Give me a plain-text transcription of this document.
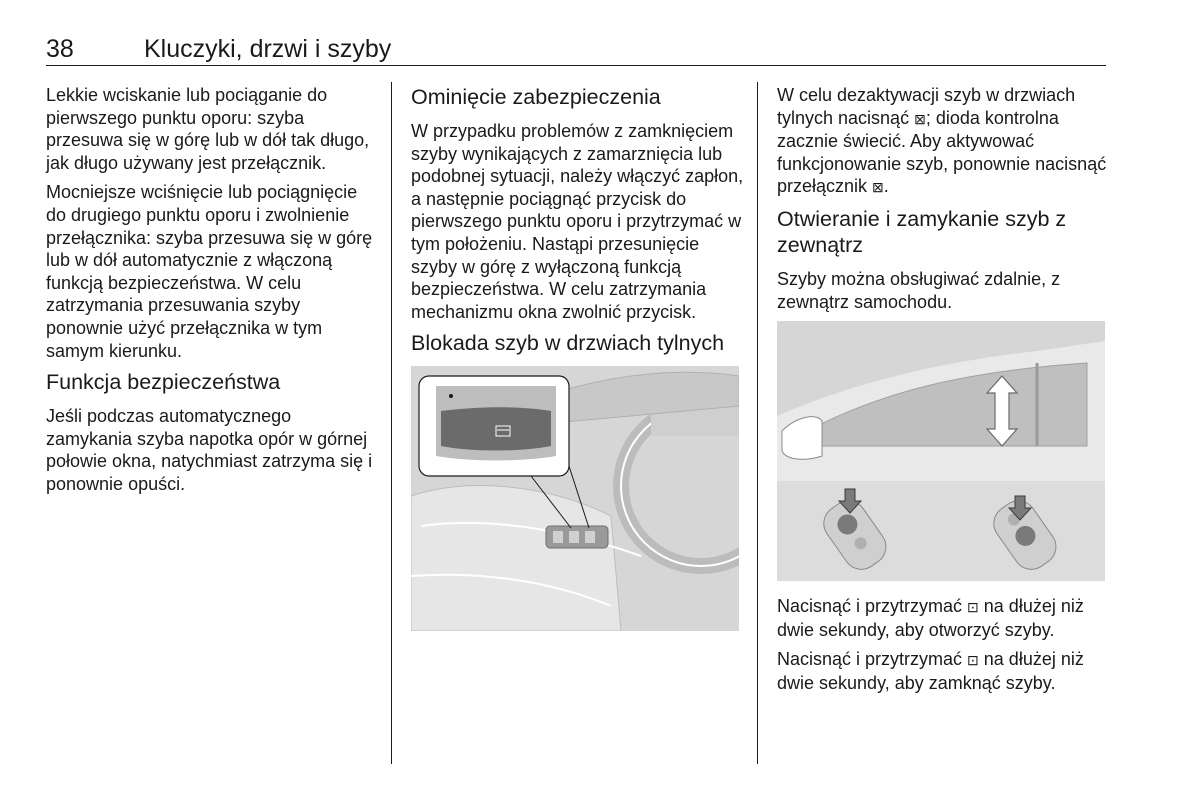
38	Kluczyki, drzwi i szyby

Lekkie wciskanie lub pociąganie do pierwszego punktu oporu: szyba przesuwa się w górę lub w dół tak długo, jak długo używany jest przełącznik.

Mocniejsze wciśnięcie lub pociągnięcie do drugiego punktu oporu i zwolnienie przełącznika: szyba przesuwa się w górę lub w dół automatycznie z włączoną funkcją bezpieczeństwa. W celu zatrzymania przesuwania szyby ponownie użyć przełącznika w tym samym kierunku.

Funkcja bezpieczeństwa

Jeśli podczas automatycznego zamykania szyba napotka opór w górnej połowie okna, natychmiast zatrzyma się i ponownie opuści.

Ominięcie zabezpieczenia

W przypadku problemów z zamknięciem szyby wynikających z zamarznięcia lub podobnej sytuacji, należy włączyć zapłon, a następnie pociągnąć przycisk do pierwszego punktu oporu i przytrzymać w tym położeniu. Nastąpi przesunięcie szyby w górę z wyłączoną funkcją bezpieczeństwa. W celu zatrzymania mechanizmu okna zwolnić przycisk.

Blokada szyb w drzwiach tylnych

W celu dezaktywacji szyb w drzwiach tylnych nacisnąć ⊠; dioda kontrolna zacznie świecić. Aby aktywować funkcjonowanie szyb, ponownie nacisnąć przełącznik ⊠.

Otwieranie i zamykanie szyb z zewnątrz

Szyby można obsługiwać zdalnie, z zewnątrz samochodu.

Nacisnąć i przytrzymać ⊡ na dłużej niż dwie sekundy, aby otworzyć szyby.

Nacisnąć i przytrzymać ⊡ na dłużej niż dwie sekundy, aby zamknąć szyby.
